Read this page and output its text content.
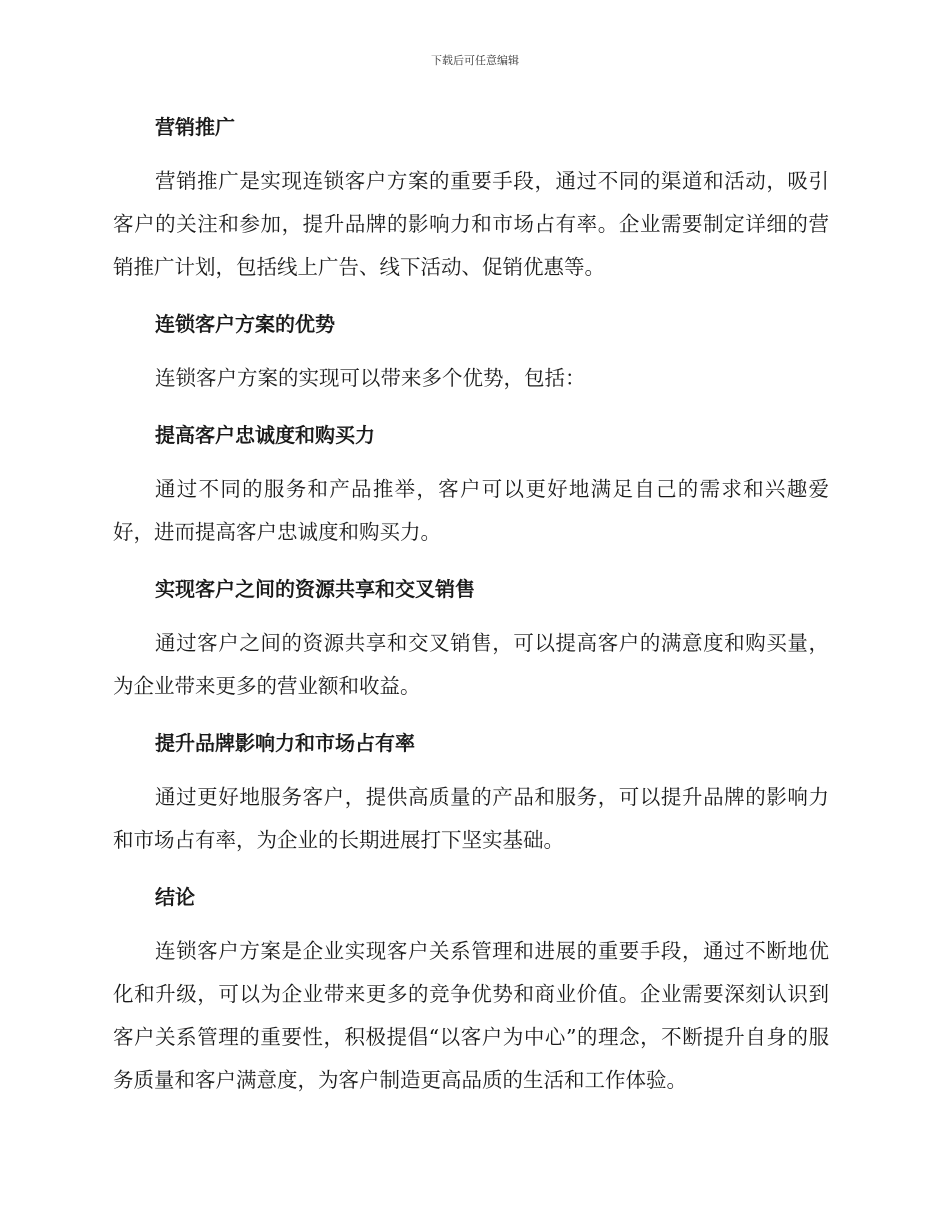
下载后可任意编辑
营销推广

营销推广是实现连锁客户方案的重要手段，通过不同的渠道和活动，吸引客户的关注和参加，提升品牌的影响力和市场占有率。企业需要制定详细的营销推广计划，包括线上广告、线下活动、促销优惠等。

连锁客户方案的优势

连锁客户方案的实现可以带来多个优势，包括：

提高客户忠诚度和购买力

通过不同的服务和产品推举，客户可以更好地满足自己的需求和兴趣爱好，进而提高客户忠诚度和购买力。

实现客户之间的资源共享和交叉销售

通过客户之间的资源共享和交叉销售，可以提高客户的满意度和购买量，为企业带来更多的营业额和收益。

提升品牌影响力和市场占有率

通过更好地服务客户，提供高质量的产品和服务，可以提升品牌的影响力和市场占有率，为企业的长期进展打下坚实基础。

结论

连锁客户方案是企业实现客户关系管理和进展的重要手段，通过不断地优化和升级，可以为企业带来更多的竞争优势和商业价值。企业需要深刻认识到客户关系管理的重要性，积极提倡“以客户为中心”的理念，不断提升自身的服务质量和客户满意度，为客户制造更高品质的生活和工作体验。
